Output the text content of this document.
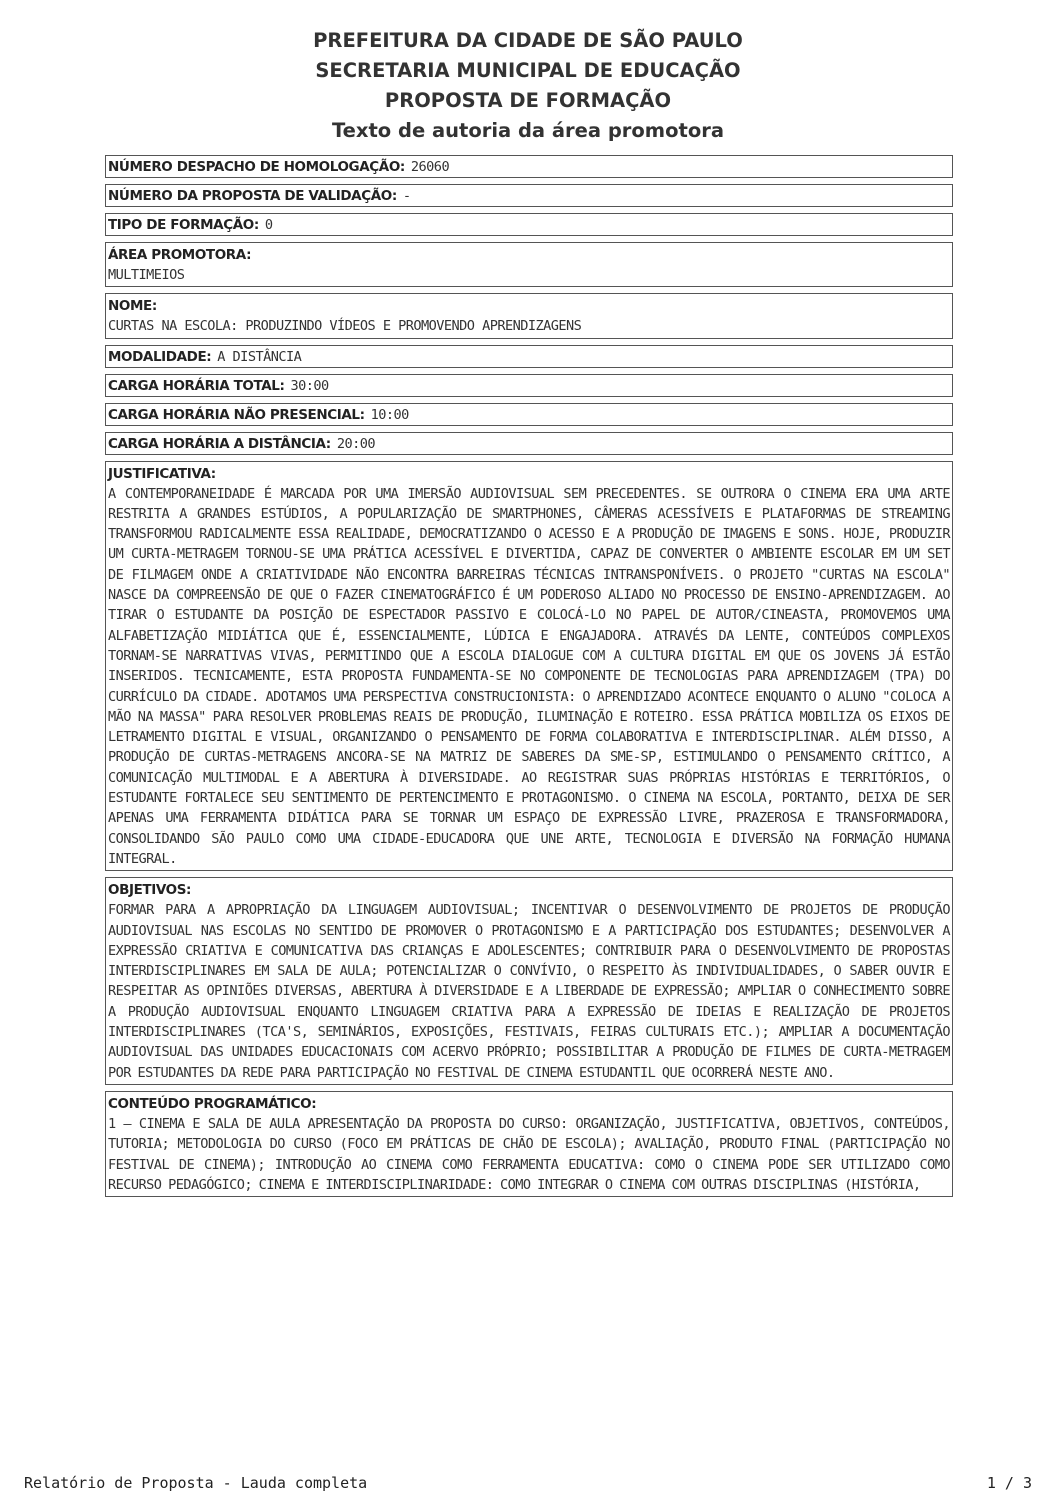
PREFEITURA DA CIDADE DE SÃO PAULO
SECRETARIA MUNICIPAL DE EDUCAÇÃO
PROPOSTA DE FORMAÇÃO
Texto de autoria da área promotora
NÚMERO DESPACHO DE HOMOLOGAÇÃO: 26060
NÚMERO DA PROPOSTA DE VALIDAÇÃO: -
TIPO DE FORMAÇÃO: 0
ÁREA PROMOTORA:
MULTIMEIOS
NOME:
CURTAS NA ESCOLA: PRODUZINDO VÍDEOS E PROMOVENDO APRENDIZAGENS
MODALIDADE: A DISTÂNCIA
CARGA HORÁRIA TOTAL: 30:00
CARGA HORÁRIA NÃO PRESENCIAL: 10:00
CARGA HORÁRIA A DISTÂNCIA: 20:00
JUSTIFICATIVA:
A CONTEMPORANEIDADE É MARCADA POR UMA IMERSÃO AUDIOVISUAL SEM PRECEDENTES. SE OUTRORA O CINEMA ERA UMA ARTE RESTRITA A GRANDES ESTÚDIOS, A POPULARIZAÇÃO DE SMARTPHONES, CÂMERAS ACESSÍVEIS E PLATAFORMAS DE STREAMING TRANSFORMOU RADICALMENTE ESSA REALIDADE, DEMOCRATIZANDO O ACESSO E A PRODUÇÃO DE IMAGENS E SONS. HOJE, PRODUZIR UM CURTA-METRAGEM TORNOU-SE UMA PRÁTICA ACESSÍVEL E DIVERTIDA, CAPAZ DE CONVERTER O AMBIENTE ESCOLAR EM UM SET DE FILMAGEM ONDE A CRIATIVIDADE NÃO ENCONTRA BARREIRAS TÉCNICAS INTRANSPONÍVEIS. O PROJETO "CURTAS NA ESCOLA" NASCE DA COMPREENSÃO DE QUE O FAZER CINEMATOGRÁFICO É UM PODEROSO ALIADO NO PROCESSO DE ENSINO-APRENDIZAGEM. AO TIRAR O ESTUDANTE DA POSIÇÃO DE ESPECTADOR PASSIVO E COLOCÁ-LO NO PAPEL DE AUTOR/CINEASTA, PROMOVEMOS UMA ALFABETIZAÇÃO MIDIÁTICA QUE É, ESSENCIALMENTE, LÚDICA E ENGAJADORA. ATRAVÉS DA LENTE, CONTEÚDOS COMPLEXOS TORNAM-SE NARRATIVAS VIVAS, PERMITINDO QUE A ESCOLA DIALOGUE COM A CULTURA DIGITAL EM QUE OS JOVENS JÁ ESTÃO INSERIDOS. TECNICAMENTE, ESTA PROPOSTA FUNDAMENTA-SE NO COMPONENTE DE TECNOLOGIAS PARA APRENDIZAGEM (TPA) DO CURRÍCULO DA CIDADE. ADOTAMOS UMA PERSPECTIVA CONSTRUCIONISTA: O APRENDIZADO ACONTECE ENQUANTO O ALUNO "COLOCA A MÃO NA MASSA" PARA RESOLVER PROBLEMAS REAIS DE PRODUÇÃO, ILUMINAÇÃO E ROTEIRO. ESSA PRÁTICA MOBILIZA OS EIXOS DE LETRAMENTO DIGITAL E VISUAL, ORGANIZANDO O PENSAMENTO DE FORMA COLABORATIVA E INTERDISCIPLINAR. ALÉM DISSO, A PRODUÇÃO DE CURTAS-METRAGENS ANCORA-SE NA MATRIZ DE SABERES DA SME-SP, ESTIMULANDO O PENSAMENTO CRÍTICO, A COMUNICAÇÃO MULTIMODAL E A ABERTURA À DIVERSIDADE. AO REGISTRAR SUAS PRÓPRIAS HISTÓRIAS E TERRITÓRIOS, O ESTUDANTE FORTALECE SEU SENTIMENTO DE PERTENCIMENTO E PROTAGONISMO. O CINEMA NA ESCOLA, PORTANTO, DEIXA DE SER APENAS UMA FERRAMENTA DIDÁTICA PARA SE TORNAR UM ESPAÇO DE EXPRESSÃO LIVRE, PRAZEROSA E TRANSFORMADORA, CONSOLIDANDO SÃO PAULO COMO UMA CIDADE-EDUCADORA QUE UNE ARTE, TECNOLOGIA E DIVERSÃO NA FORMAÇÃO HUMANA INTEGRAL.
OBJETIVOS:
FORMAR PARA A APROPRIAÇÃO DA LINGUAGEM AUDIOVISUAL; INCENTIVAR O DESENVOLVIMENTO DE PROJETOS DE PRODUÇÃO AUDIOVISUAL NAS ESCOLAS NO SENTIDO DE PROMOVER O PROTAGONISMO E A PARTICIPAÇÃO DOS ESTUDANTES; DESENVOLVER A EXPRESSÃO CRIATIVA E COMUNICATIVA DAS CRIANÇAS E ADOLESCENTES; CONTRIBUIR PARA O DESENVOLVIMENTO DE PROPOSTAS INTERDISCIPLINARES EM SALA DE AULA; POTENCIALIZAR O CONVÍVIO, O RESPEITO ÀS INDIVIDUALIDADES, O SABER OUVIR E RESPEITAR AS OPINIÕES DIVERSAS, ABERTURA À DIVERSIDADE E A LIBERDADE DE EXPRESSÃO; AMPLIAR O CONHECIMENTO SOBRE A PRODUÇÃO AUDIOVISUAL ENQUANTO LINGUAGEM CRIATIVA PARA A EXPRESSÃO DE IDEIAS E REALIZAÇÃO DE PROJETOS INTERDISCIPLINARES (TCA'S, SEMINÁRIOS, EXPOSIÇÕES, FESTIVAIS, FEIRAS CULTURAIS ETC.); AMPLIAR A DOCUMENTAÇÃO AUDIOVISUAL DAS UNIDADES EDUCACIONAIS COM ACERVO PRÓPRIO; POSSIBILITAR A PRODUÇÃO DE FILMES DE CURTA-METRAGEM POR ESTUDANTES DA REDE PARA PARTICIPAÇÃO NO FESTIVAL DE CINEMA ESTUDANTIL QUE OCORRERÁ NESTE ANO.
CONTEÚDO PROGRAMÁTICO:
1 — CINEMA E SALA DE AULA APRESENTAÇÃO DA PROPOSTA DO CURSO: ORGANIZAÇÃO, JUSTIFICATIVA, OBJETIVOS, CONTEÚDOS, TUTORIA; METODOLOGIA DO CURSO (FOCO EM PRÁTICAS DE CHÃO DE ESCOLA); AVALIAÇÃO, PRODUTO FINAL (PARTICIPAÇÃO NO FESTIVAL DE CINEMA); INTRODUÇÃO AO CINEMA COMO FERRAMENTA EDUCATIVA: COMO O CINEMA PODE SER UTILIZADO COMO RECURSO PEDAGÓGICO; CINEMA E INTERDISCIPLINARIDADE: COMO INTEGRAR O CINEMA COM OUTRAS DISCIPLINAS (HISTÓRIA,
Relatório de Proposta - Lauda completa	1 / 3
